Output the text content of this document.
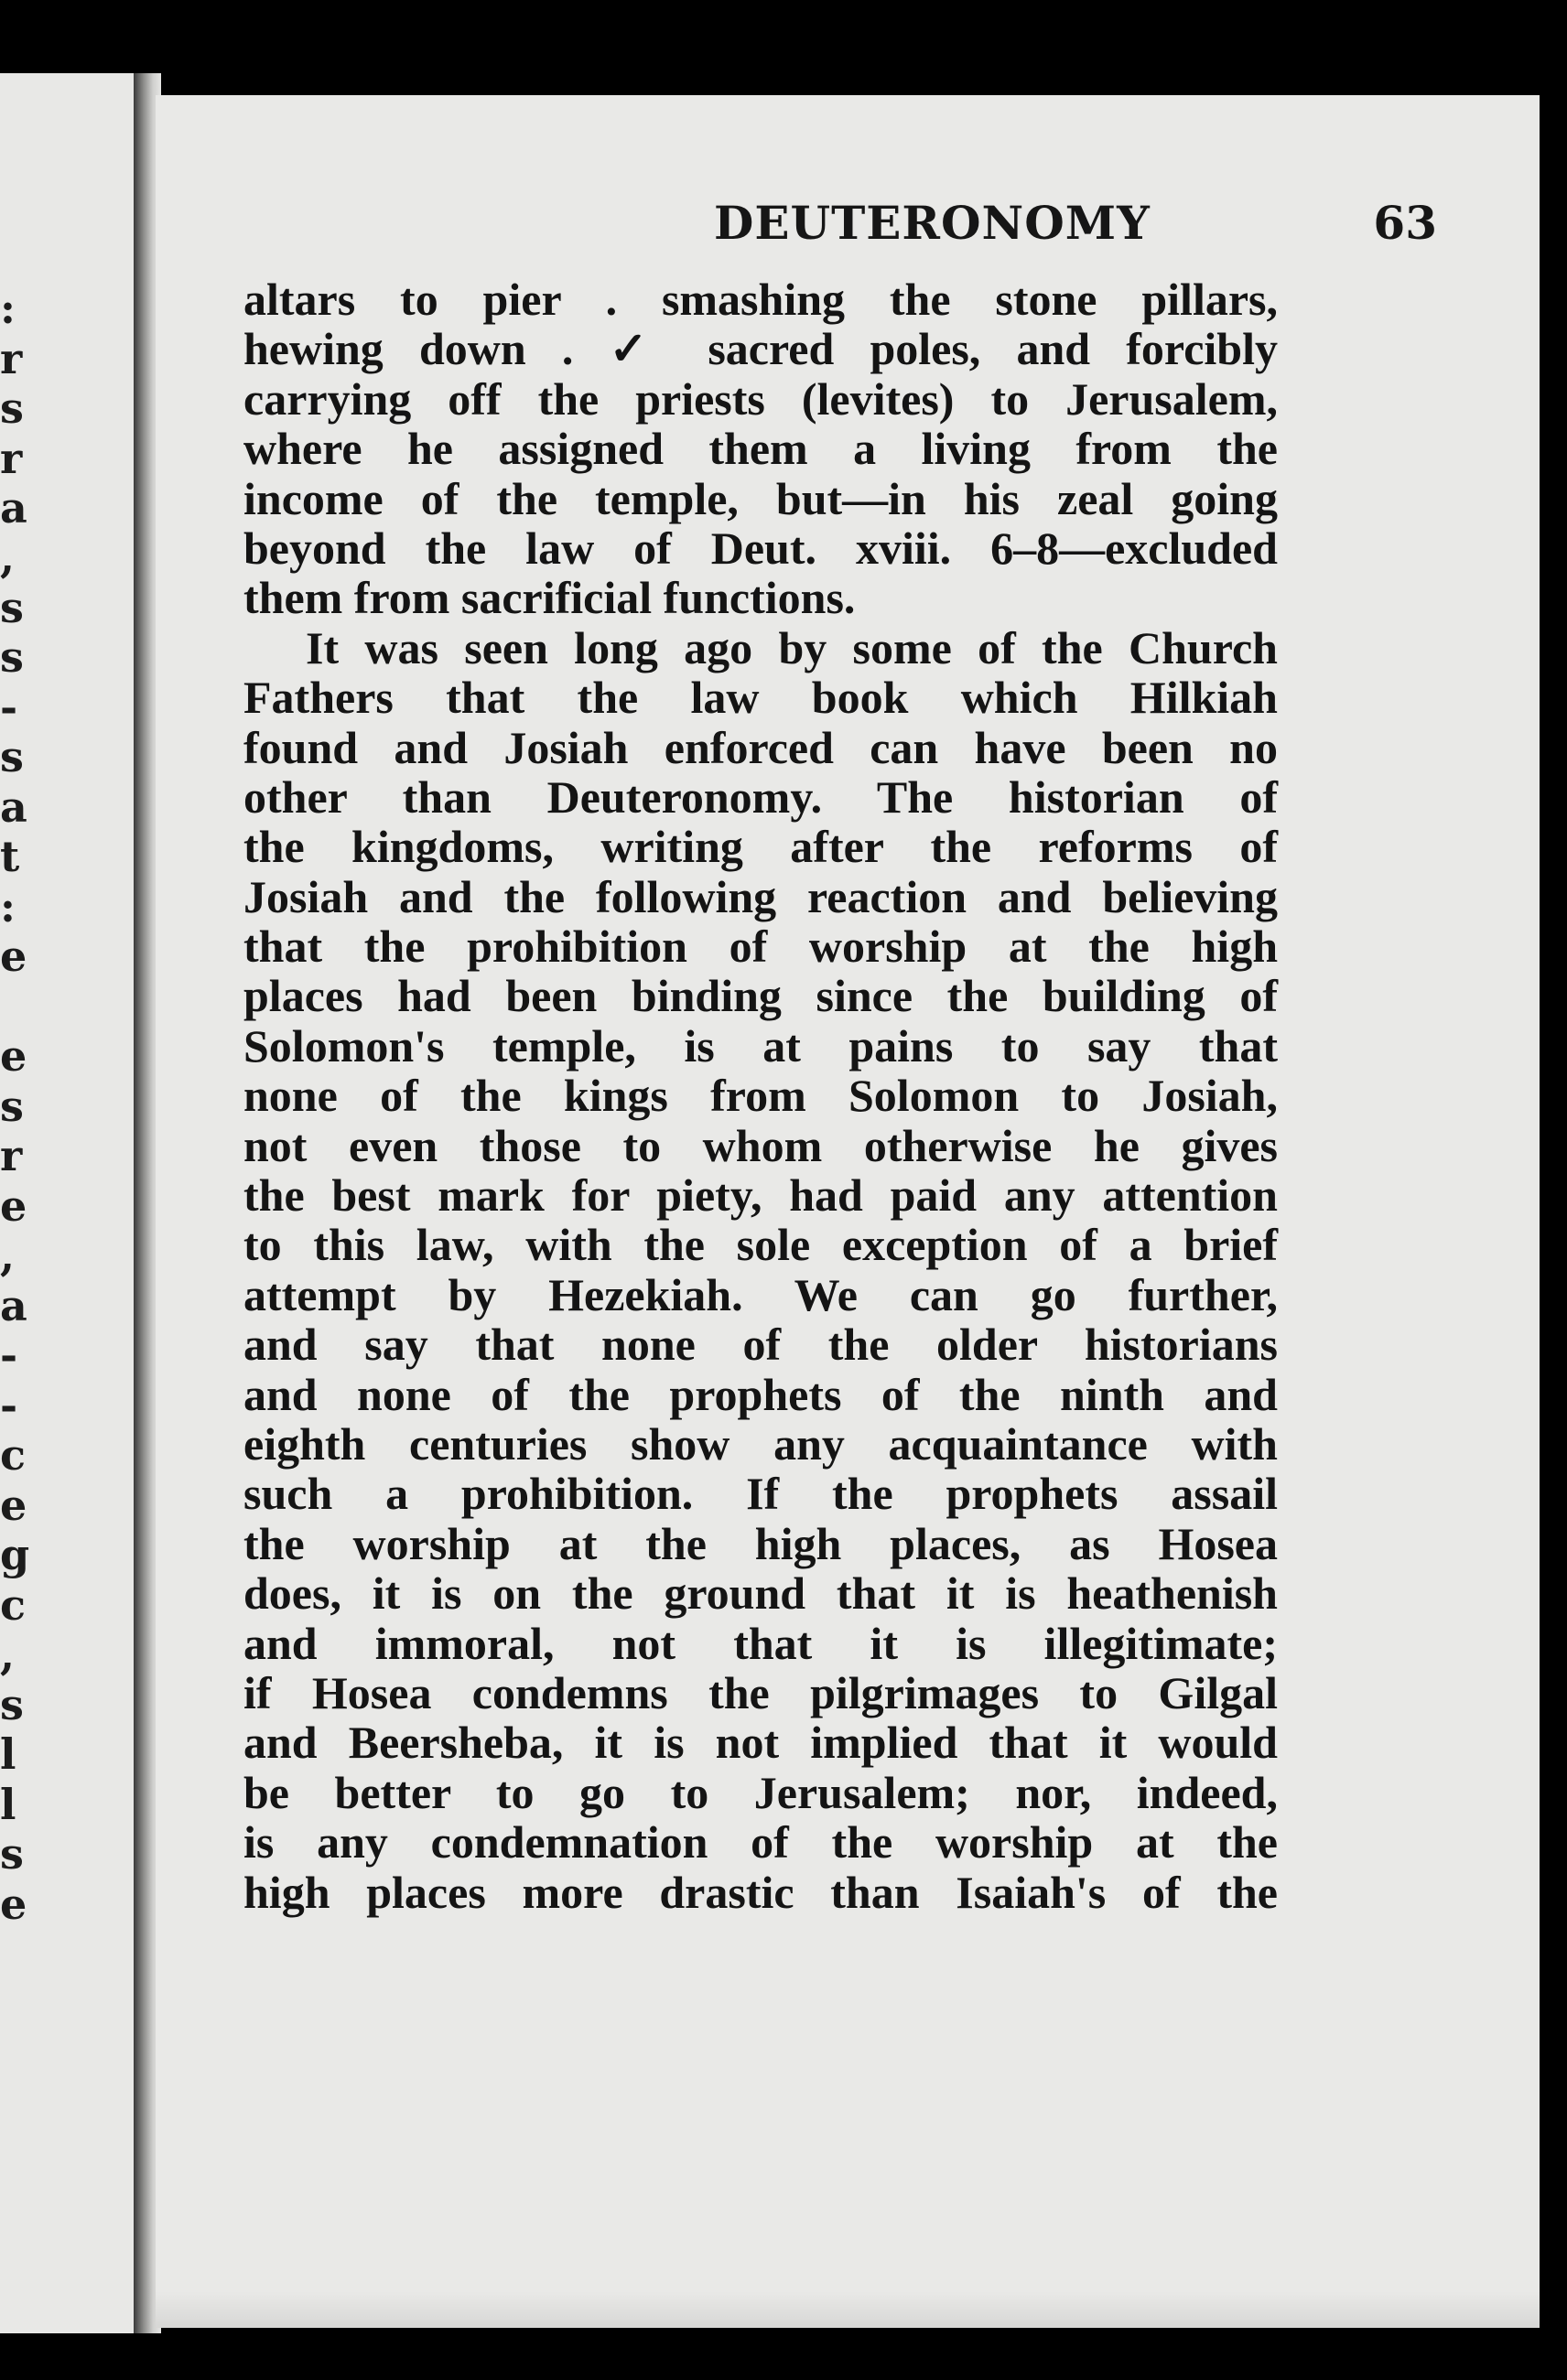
:
r
s
r
a
,
s
s
-
s
a
t
:
e
e
s
r
e
,
a
-
-
c
e
g
c
,
s
l
l
s
e
DEUTERONOMY	63
altars to pier . smashing the stone pillars,
hewing down . ✓ sacred poles, and forcibly
carrying off the priests (levites) to Jerusalem,
where he assigned them a living from the
income of the temple, but—in his zeal going
beyond the law of Deut. xviii. 6–8—excluded
them from sacrificial functions.
It was seen long ago by some of the Church
Fathers that the law book which Hilkiah
found and Josiah enforced can have been no
other than Deuteronomy. The historian of
the kingdoms, writing after the reforms of
Josiah and the following reaction and believing
that the prohibition of worship at the high
places had been binding since the building of
Solomon's temple, is at pains to say that
none of the kings from Solomon to Josiah,
not even those to whom otherwise he gives
the best mark for piety, had paid any attention
to this law, with the sole exception of a brief
attempt by Hezekiah. We can go further,
and say that none of the older historians
and none of the prophets of the ninth and
eighth centuries show any acquaintance with
such a prohibition. If the prophets assail
the worship at the high places, as Hosea
does, it is on the ground that it is heathenish
and immoral, not that it is illegitimate;
if Hosea condemns the pilgrimages to Gilgal
and Beersheba, it is not implied that it would
be better to go to Jerusalem; nor, indeed,
is any condemnation of the worship at the
high places more drastic than Isaiah's of the
